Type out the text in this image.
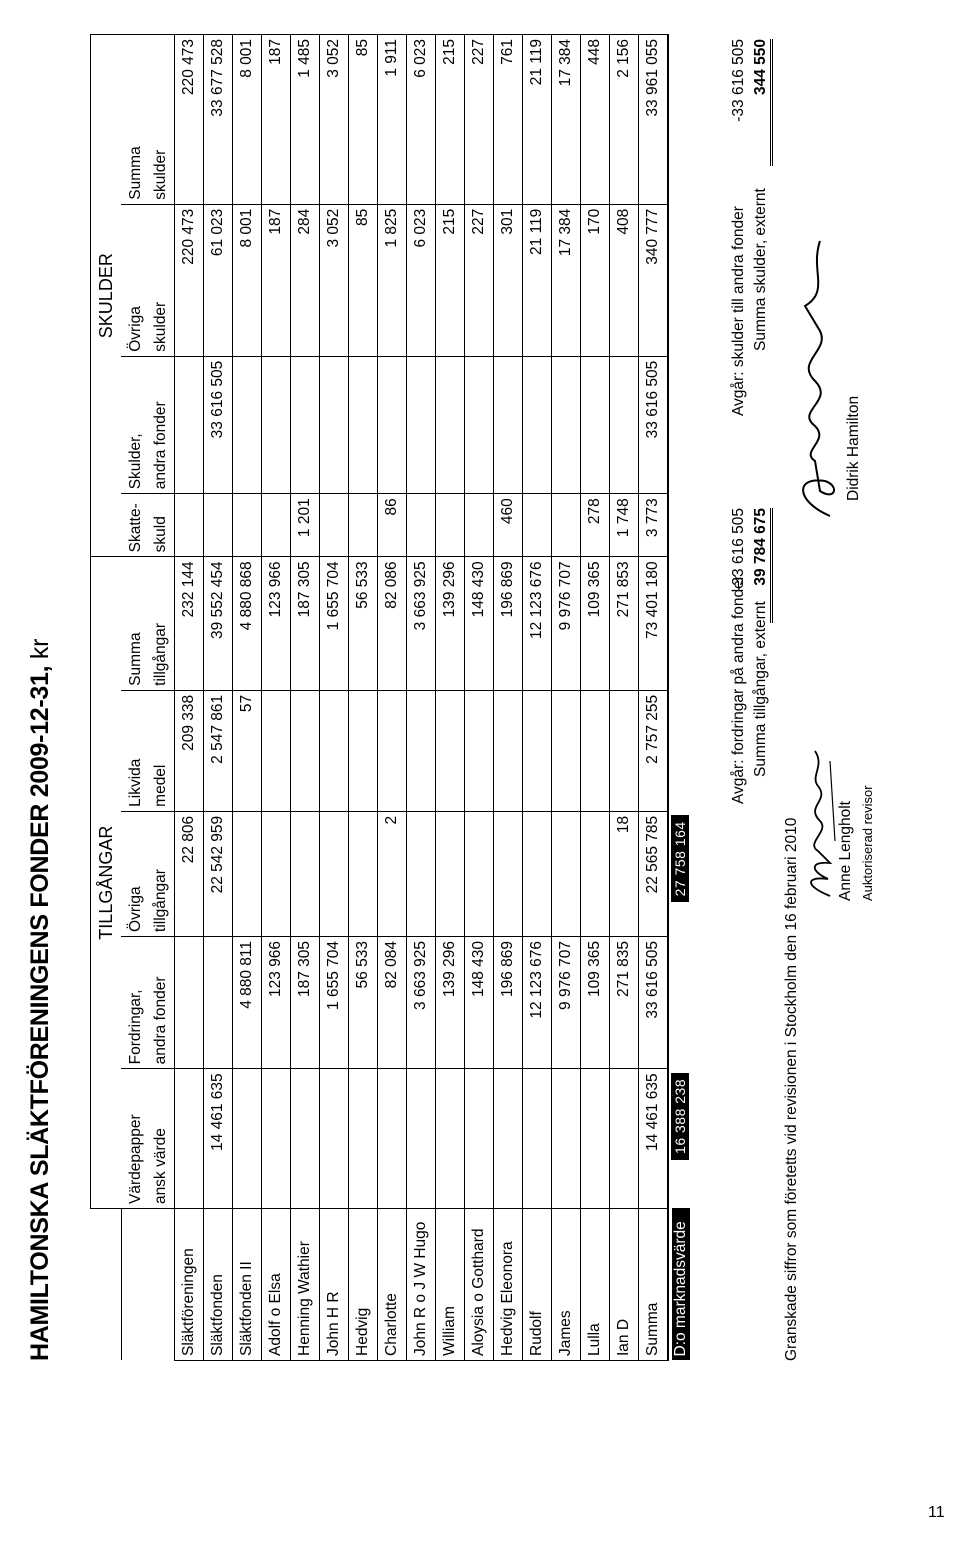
HAMILTONSKA SLÄKTFÖRENINGENS FONDER 2009-12-31, kr
	TILLGÅNGAR					SKULDER			
	Värdepapper	Fordringar,	Övriga	Likvida	Summa	Skatte-	Skulder,	Övriga	Summa
	ansk värde	andra fonder	tillgångar	medel	tillgångar	skuld	andra fonder	skulder	skulder
Släktföreningen			22 806	209 338	232 144			220 473	220 473
Släktfonden	14 461 635		22 542 959	2 547 861	39 552 454		33 616 505	61 023	33 677 528
Släktfonden II		4 880 811		57	4 880 868			8 001	8 001
Adolf o Elsa		123 966			123 966			187	187
Henning Wathier		187 305			187 305	1 201		284	1 485
John H R		1 655 704			1 655 704			3 052	3 052
Hedvig		56 533			56 533			85	85
Charlotte		82 084	2		82 086	86		1 825	1 911
John R o J W Hugo		3 663 925			3 663 925			6 023	6 023
William		139 296			139 296			215	215
Aloysia o Gotthard		148 430			148 430			227	227
Hedvig Eleonora		196 869			196 869	460		301	761
Rudolf		12 123 676			12 123 676			21 119	21 119
James		9 976 707			9 976 707			17 384	17 384
Lulla		109 365			109 365	278		170	448
Ian D		271 835	18		271 853	1 748		408	2 156
Summa	14 461 635	33 616 505	22 565 785	2 757 255	73 401 180	3 773	33 616 505	340 777	33 961 055

D:o marknadsvärde	16 388 238		27 758 164						
Avgår: fordringar på andra fonder Summa tillgångar, externt
-33 616 505 39 784 675
Avgår: skulder till andra fonder Summa skulder, externt
-33 616 505 344 550
Granskade siffror som företetts vid revisionen i Stockholm den 16 februari 2010 Anne Lengholt Auktoriserad revisor
Didrik Hamilton
11
